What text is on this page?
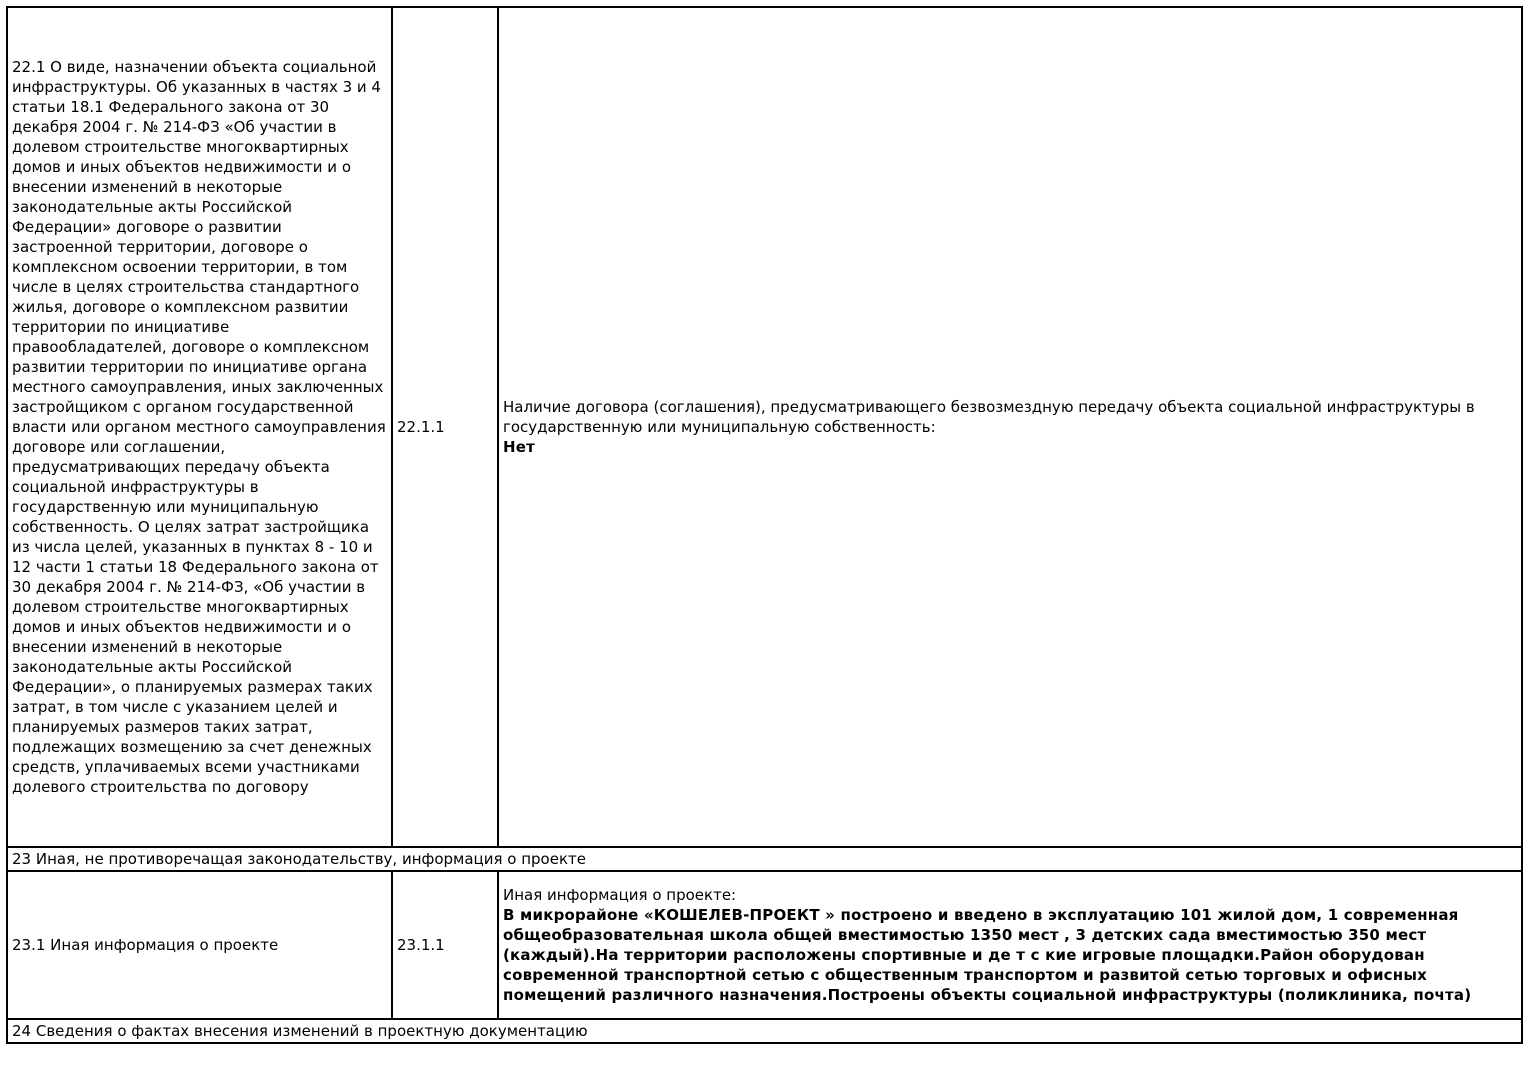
22.1 О виде, назначении объекта социальной инфраструктуры. Об указанных в частях 3 и 4 статьи 18.1 Федерального закона от 30 декабря 2004 г. № 214-ФЗ «Об участии в долевом строительстве многоквартирных домов и иных объектов недвижимости и о внесении изменений в некоторые законодательные акты Российской Федерации» договоре о развитии застроенной территории, договоре о комплексном освоении территории, в том числе в целях строительства стандартного жилья, договоре о комплексном развитии территории по инициативе правообладателей, договоре о комплексном развитии территории по инициативе органа местного самоуправления, иных заключенных застройщиком с органом государственной власти или органом местного самоуправления договоре или соглашении, предусматривающих передачу объекта социальной инфраструктуры в государственную или муниципальную собственность. О целях затрат застройщика из числа целей, указанных в пунктах 8 - 10 и 12 части 1 статьи 18 Федерального закона от 30 декабря 2004 г. № 214-ФЗ, «Об участии в долевом строительстве многоквартирных домов и иных объектов недвижимости и о внесении изменений в некоторые законодательные акты Российской Федерации», о планируемых размерах таких затрат, в том числе с указанием целей и планируемых размеров таких затрат, подлежащих возмещению за счет денежных средств, уплачиваемых всеми участниками долевого строительства по договору	22.1.1	Наличие договора (соглашения), предусматривающего безвозмездную передачу объекта социальной инфраструктуры в государственную или муниципальную собственность:
Нет

23 Иная, не противоречащая законодательству, информация о проекте		
23.1 Иная информация о проекте	23.1.1	Иная информация о проекте:
В микрорайоне «КОШЕЛЕВ-ПРОЕКТ » построено и введено в эксплуатацию 101 жилой дом, 1 современная общеобразовательная школа общей вместимостью 1350 мест , 3 детских сада вместимостью 350 мест (каждый).На территории расположены спортивные и де т с кие игровые площадки.Район оборудован современной транспортной сетью с общественным транспортом и развитой сетью торговых и офисных помещений различного назначения.Построены объекты социальной инфраструктуры (поликлиника, почта)

24 Сведения о фактах внесения изменений в проектную документацию		
